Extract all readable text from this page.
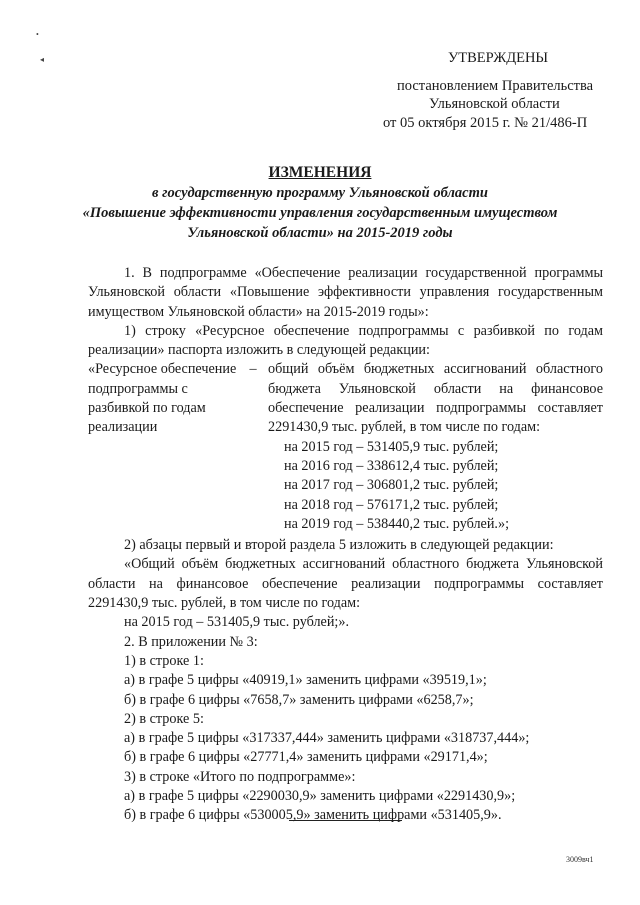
•
◂	УТВЕРЖДЕНЫ
постановлением Правительства
Ульяновской области
от 05 октября 2015 г. № 21/486-П
ИЗМЕНЕНИЯ
в государственную программу Ульяновской области
«Повышение эффективности управления государственным имуществом
Ульяновской области» на 2015-2019 годы
1. В подпрограмме «Обеспечение реализации государственной программы Ульяновской области «Повышение эффективности управления государственным имуществом Ульяновской области» на 2015-2019 годы»:
1) строку «Ресурсное обеспечение подпрограммы с разбивкой по годам реализации» паспорта изложить в следующей редакции:
«Ресурсное обеспечение подпрограммы с разбивкой по годам реализации
– общий объём бюджетных ассигнований областного бюджета Ульяновской области на финансовое обеспечение реализации подпрограммы составляет 2291430,9 тыс. рублей, в том числе по годам:
на 2015 год – 531405,9 тыс. рублей;
на 2016 год – 338612,4 тыс. рублей;
на 2017 год – 306801,2 тыс. рублей;
на 2018 год – 576171,2 тыс. рублей;
на 2019 год – 538440,2 тыс. рублей.»;
2) абзацы первый и второй раздела 5 изложить в следующей редакции:
«Общий объём бюджетных ассигнований областного бюджета Ульяновской области на финансовое обеспечение реализации подпрограммы составляет 2291430,9 тыс. рублей, в том числе по годам:
на 2015 год – 531405,9 тыс. рублей;».
2. В приложении № 3:
1) в строке 1:
а) в графе 5 цифры «40919,1» заменить цифрами «39519,1»;
б) в графе 6 цифры «7658,7» заменить цифрами «6258,7»;
2) в строке 5:
а) в графе 5 цифры «317337,444» заменить цифрами «318737,444»;
б) в графе 6 цифры «27771,4» заменить цифрами «29171,4»;
3) в строке «Итого по подпрограмме»:
а) в графе 5 цифры «2290030,9» заменить цифрами «2291430,9»;
б) в графе 6 цифры «530005,9» заменить цифрами «531405,9».
3009вч1
